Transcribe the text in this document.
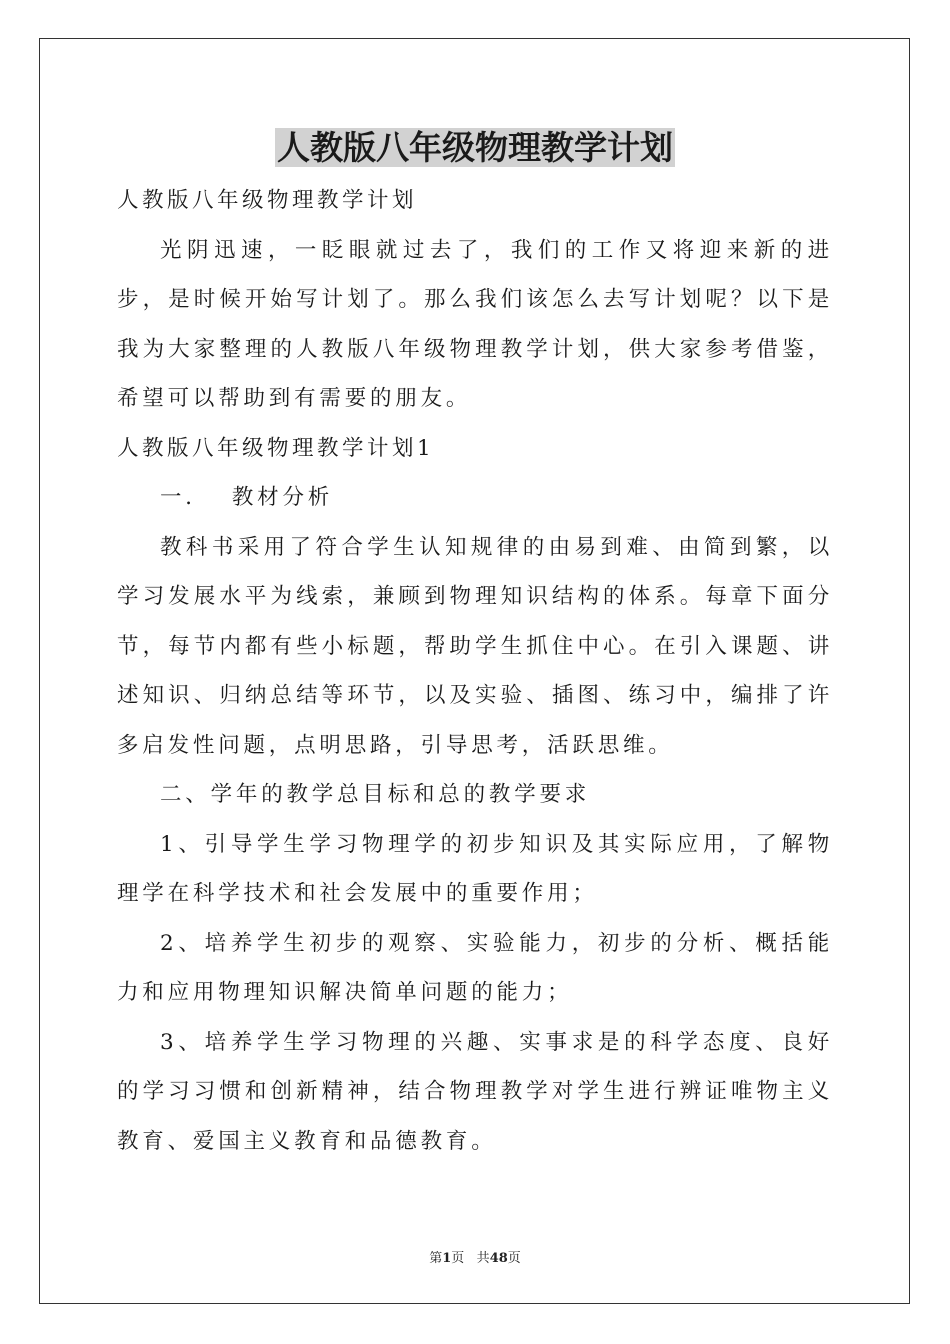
人教版八年级物理教学计划
人教版八年级物理教学计划

光阴迅速，一眨眼就过去了，我们的工作又将迎来新的进步，是时候开始写计划了。那么我们该怎么去写计划呢？以下是我为大家整理的人教版八年级物理教学计划，供大家参考借鉴，希望可以帮助到有需要的朋友。

人教版八年级物理教学计划1

一．  教材分析

教科书采用了符合学生认知规律的由易到难、由简到繁，以学习发展水平为线索，兼顾到物理知识结构的体系。每章下面分节，每节内都有些小标题，帮助学生抓住中心。在引入课题、讲述知识、归纳总结等环节，以及实验、插图、练习中，编排了许多启发性问题，点明思路，引导思考，活跃思维。

二、学年的教学总目标和总的教学要求

1、引导学生学习物理学的初步知识及其实际应用，了解物理学在科学技术和社会发展中的重要作用；

2、培养学生初步的观察、实验能力，初步的分析、概括能力和应用物理知识解决简单问题的能力；

3、培养学生学习物理的兴趣、实事求是的科学态度、良好的学习习惯和创新精神，结合物理教学对学生进行辨证唯物主义教育、爱国主义教育和品德教育。

第1页 共48页
